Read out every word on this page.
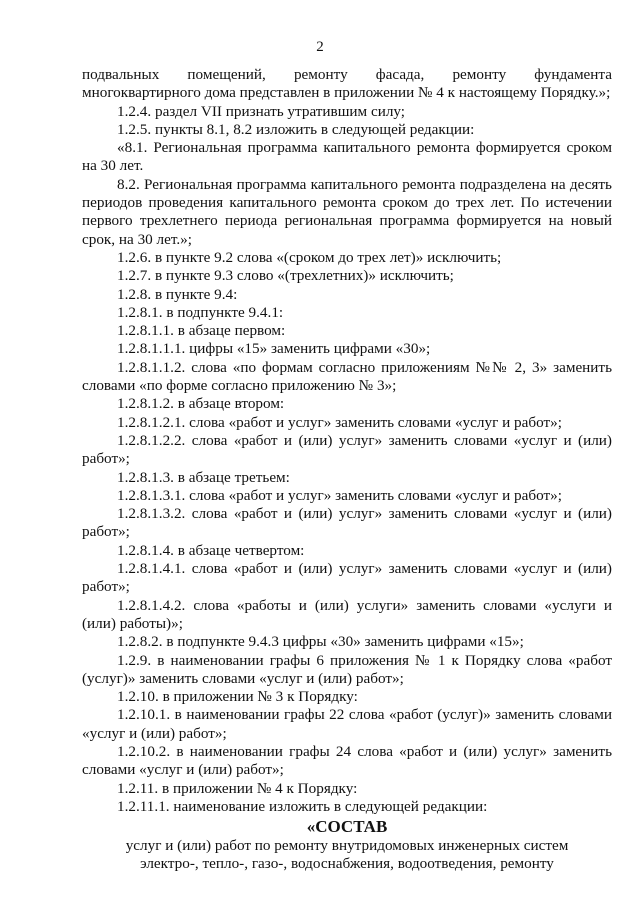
2

подвальных помещений, ремонту фасада, ремонту фундамента многоквартирного дома представлен в приложении № 4 к настоящему Порядку.»;

1.2.4. раздел VII признать утратившим силу;

1.2.5. пункты 8.1, 8.2 изложить в следующей редакции:

«8.1. Региональная программа капитального ремонта формируется сроком на 30 лет.

8.2. Региональная программа капитального ремонта подразделена на десять периодов проведения капитального ремонта сроком до трех лет. По истечении первого трехлетнего периода региональная программа формируется на новый срок, на 30 лет.»;

1.2.6. в пункте 9.2 слова «(сроком до трех лет)» исключить;

1.2.7. в пункте 9.3 слово «(трехлетних)» исключить;

1.2.8. в пункте 9.4:

1.2.8.1. в подпункте 9.4.1:

1.2.8.1.1. в абзаце первом:

1.2.8.1.1.1. цифры «15» заменить цифрами «30»;

1.2.8.1.1.2. слова «по формам согласно приложениям №№ 2, 3» заменить словами «по форме согласно приложению № 3»;

1.2.8.1.2. в абзаце втором:

1.2.8.1.2.1. слова «работ и услуг» заменить словами «услуг и работ»;

1.2.8.1.2.2. слова «работ и (или) услуг» заменить словами «услуг и (или) работ»;

1.2.8.1.3. в абзаце третьем:

1.2.8.1.3.1. слова «работ и услуг» заменить словами «услуг и работ»;

1.2.8.1.3.2. слова «работ и (или) услуг» заменить словами «услуг и (или) работ»;

1.2.8.1.4. в абзаце четвертом:

1.2.8.1.4.1. слова «работ и (или) услуг» заменить словами «услуг и (или) работ»;

1.2.8.1.4.2. слова «работы и (или) услуги» заменить словами «услуги и (или) работы)»;

1.2.8.2. в подпункте 9.4.3 цифры «30» заменить цифрами «15»;

1.2.9. в наименовании графы 6 приложения № 1 к Порядку слова «работ (услуг)» заменить словами «услуг и (или) работ»;

1.2.10. в приложении № 3 к Порядку:

1.2.10.1. в наименовании графы 22 слова «работ (услуг)» заменить словами «услуг и (или) работ»;

1.2.10.2. в наименовании графы 24 слова «работ и (или) услуг» заменить словами «услуг и (или) работ»;

1.2.11. в приложении № 4 к Порядку:

1.2.11.1. наименование изложить в следующей редакции:

«СОСТАВ

услуг и (или) работ по ремонту внутридомовых инженерных систем

электро-, тепло-, газо-, водоснабжения, водоотведения, ремонту
